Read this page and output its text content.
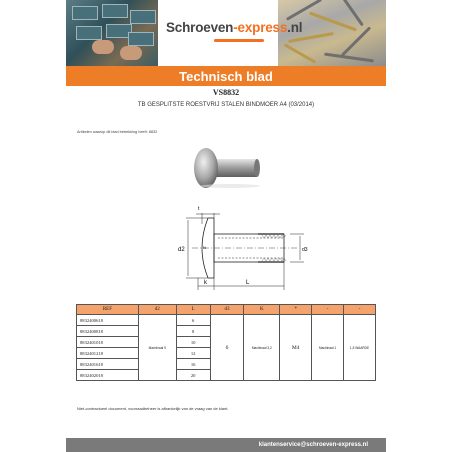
Schroeven-express.nl
Technisch blad
VS8832
TB GESPLITSTE ROESTVRIJ STALEN BINDMOER A4 (03/2014)
Artikelen waarop dit blad betrekking heeft: 8832
t
d2	N	d3
k	L
REF	d2	L	d3	K	*	-	-
8832400618	Machinaal 9	6	6	Machinaal 3,2	M4	Machinaal 1	1,5 WAARDE
8832400818		8					
8832401018		10					
8832401218		12					
8832401618		16					
8832402018		20					
Niet-contractueel document, voorraadbeheer is afhankelijk van de vraag van de klant.
klantenservice@schroeven-express.nl
